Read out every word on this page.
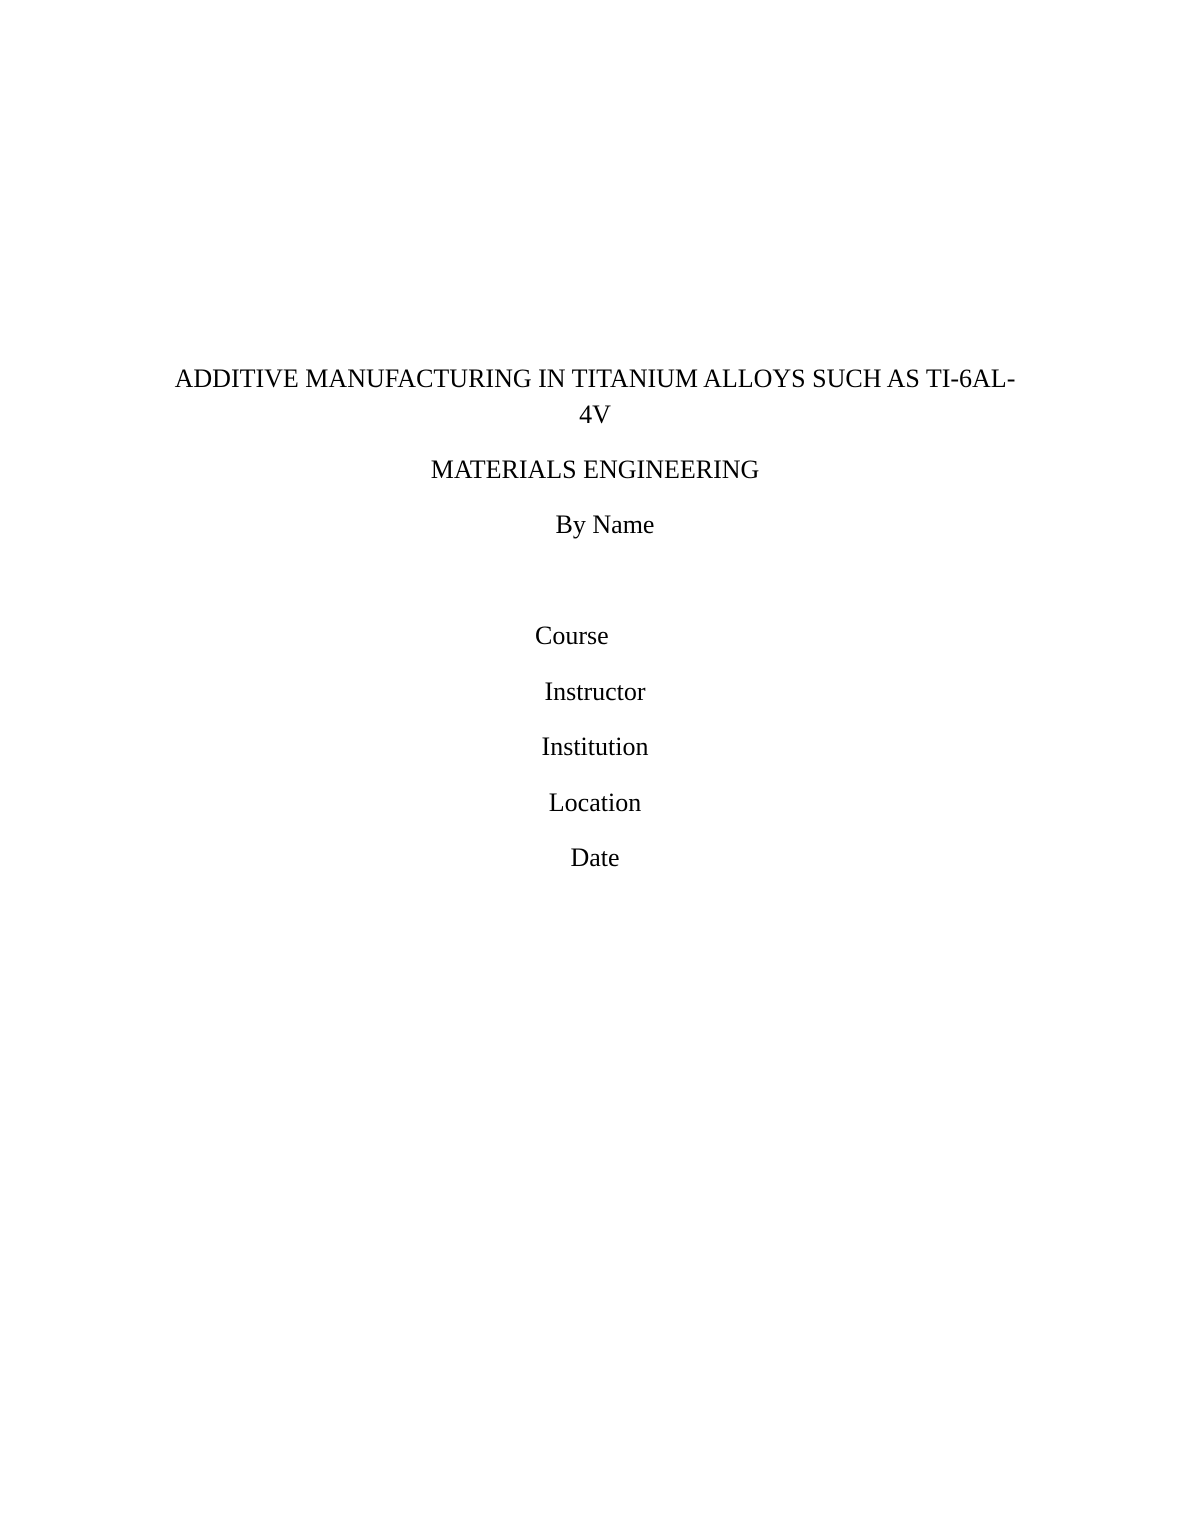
ADDITIVE MANUFACTURING IN TITANIUM ALLOYS SUCH AS TI-6AL-
4V
MATERIALS ENGINEERING
By Name
Course
Instructor
Institution
Location
Date
